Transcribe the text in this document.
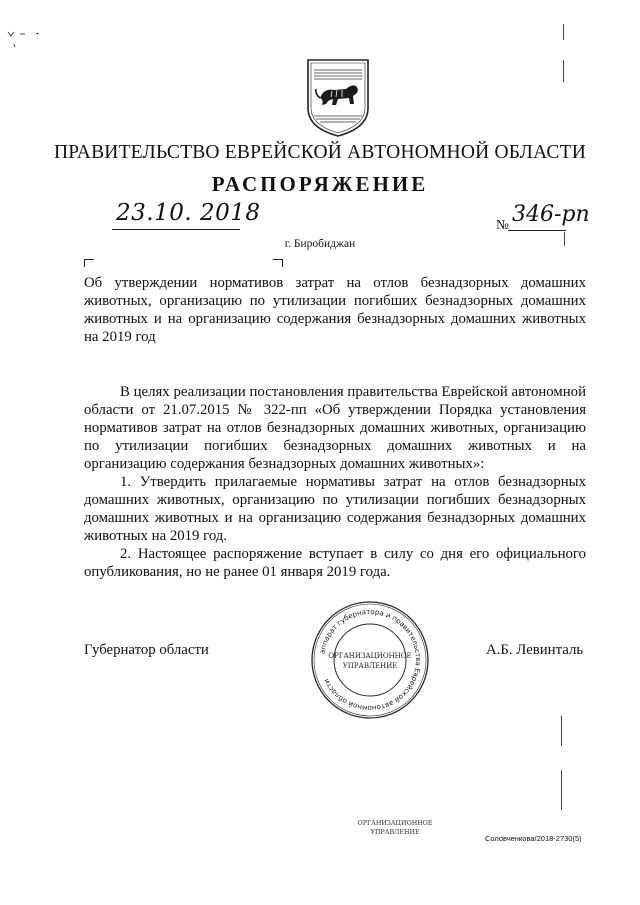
ПРАВИТЕЛЬСТВО ЕВРЕЙСКОЙ АВТОНОМНОЙ ОБЛАСТИ
РАСПОРЯЖЕНИЕ
23.10. 2018	№ 346-рп
г. Биробиджан
Об утверждении нормативов затрат на отлов безнадзорных домашних животных, организацию по утилизации погибших безнадзорных домашних животных и на организацию содержания безнадзорных домашних животных на 2019 год

В целях реализации постановления правительства Еврейской автономной области от 21.07.2015 № 322-пп «Об утверждении Порядка установления нормативов затрат на отлов безнадзорных домашних животных, организацию по утилизации погибших безнадзорных домашних животных и на организацию содержания безнадзорных домашних животных»:

1. Утвердить прилагаемые нормативы затрат на отлов безнадзорных домашних животных, организацию по утилизации погибших безнадзорных домашних животных и на организацию содержания безнадзорных домашних животных на 2019 год.

2. Настоящее распоряжение вступает в силу со дня его официального опубликования, но не ранее 01 января 2019 года.

Губернатор области	А.Б. Левинталь
аппарат губернатора и правительства Еврейской автономной области
ОРГАНИЗАЦИОННОЕ
УПРАВЛЕНИЕ
ОРГАНИЗАЦИОННОЕ
УПРАВЛЕНИЕ
Соловченкова/2018-2730(5)
